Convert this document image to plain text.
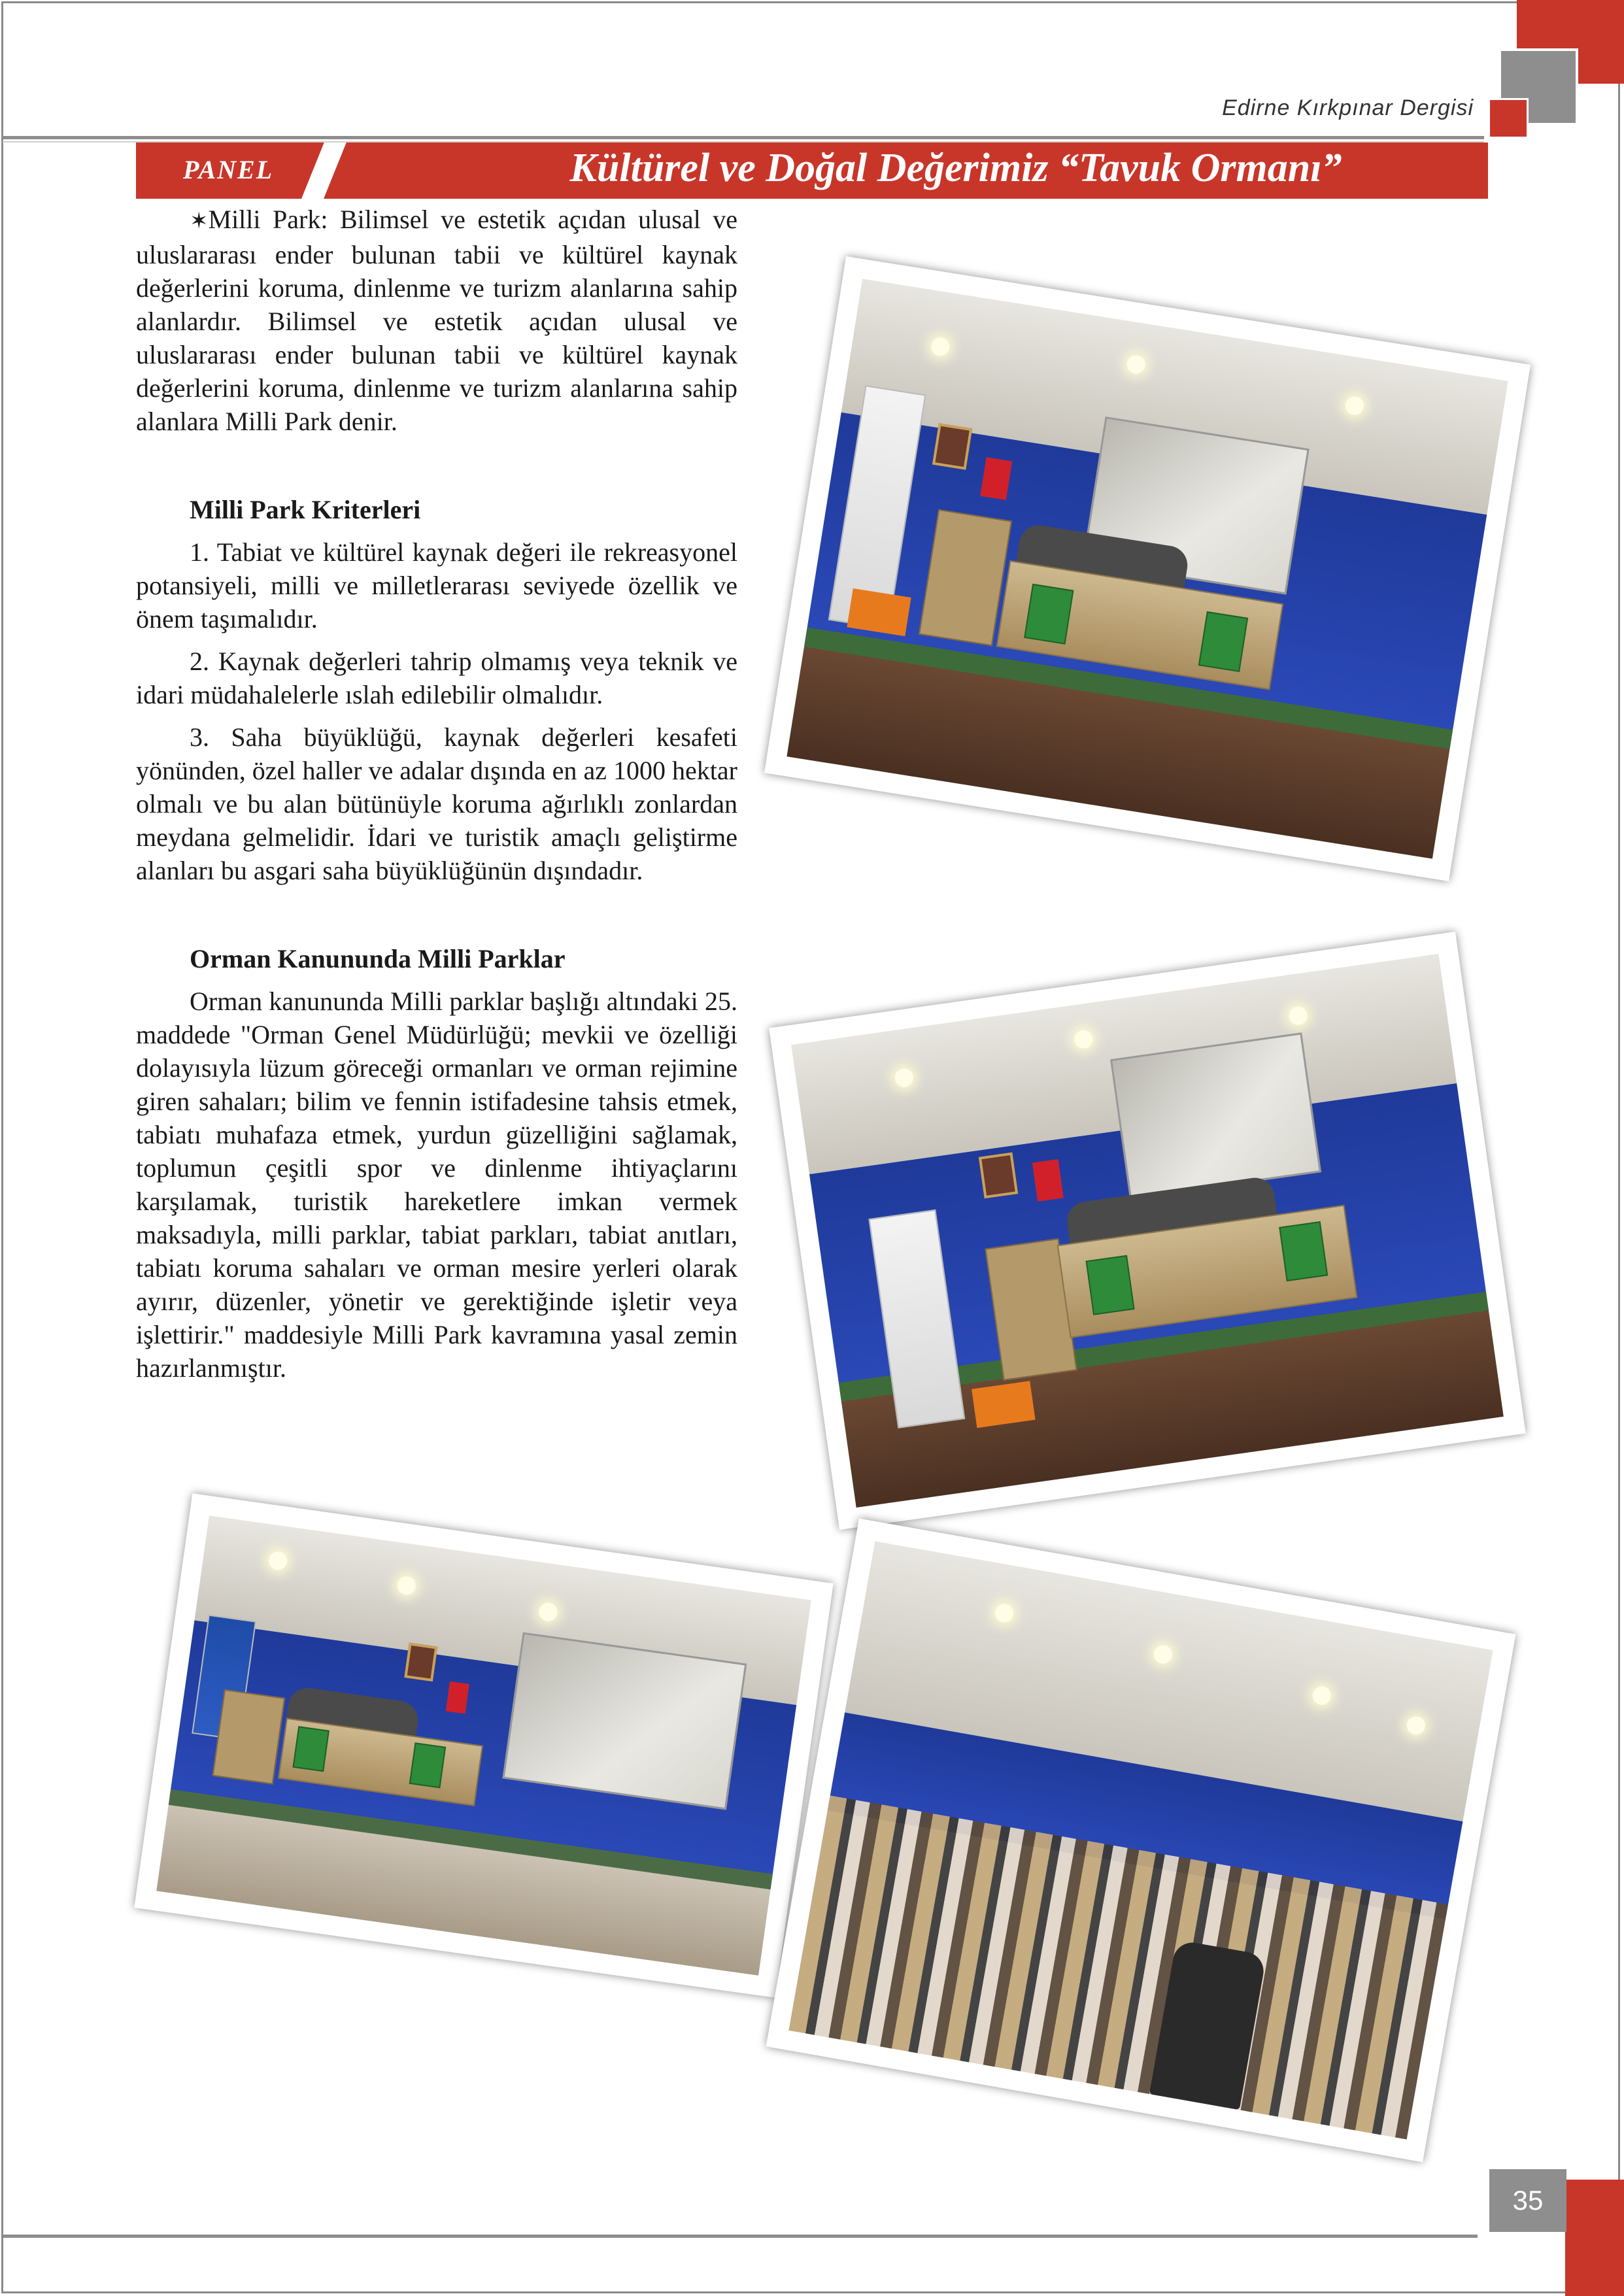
Edirne Kırkpınar Dergisi
PANEL	Kültürel ve Doğal Değerimiz “Tavuk Ormanı”

✶Milli Park: Bilimsel ve estetik açıdan ulusal ve uluslararası ender bulunan tabii ve kültürel kaynak değerlerini koruma, dinlenme ve turizm alanlarına sahip alanlardır. Bilimsel ve estetik açıdan ulusal ve uluslararası ender bulunan tabii ve kültürel kaynak değerlerini koruma, dinlenme ve turizm alanlarına sahip alanlara Milli Park denir.

Milli Park Kriterleri

1. Tabiat ve kültürel kaynak değeri ile rekreasyonel potansiyeli, milli ve milletlerarası seviyede özellik ve önem taşımalıdır.

2. Kaynak değerleri tahrip olmamış veya teknik ve idari müdahalelerle ıslah edilebilir olmalıdır.

3. Saha büyüklüğü, kaynak değerleri kesafeti yönünden, özel haller ve adalar dışında en az 1000 hektar olmalı ve bu alan bütünüyle koruma ağırlıklı zonlardan meydana gelmelidir. İdari ve turistik amaçlı geliştirme alanları bu asgari saha büyüklüğünün dışındadır.

Orman Kanununda Milli Parklar

Orman kanununda Milli parklar başlığı altındaki 25. maddede "Orman Genel Müdürlüğü; mevkii ve özelliği dolayısıyla lüzum göreceği ormanları ve orman rejimine giren sahaları; bilim ve fennin istifadesine tahsis etmek, tabiatı muhafaza etmek, yurdun güzelliğini sağlamak, toplumun çeşitli spor ve dinlenme ihtiyaçlarını karşılamak, turistik hareketlere imkan vermek maksadıyla, milli parklar, tabiat parkları, tabiat anıtları, tabiatı koruma sahaları ve orman mesire yerleri olarak ayırır, düzenler, yönetir ve gerektiğinde işletir veya işlettirir." maddesiyle Milli Park kavramına yasal zemin hazırlanmıştır.

35
